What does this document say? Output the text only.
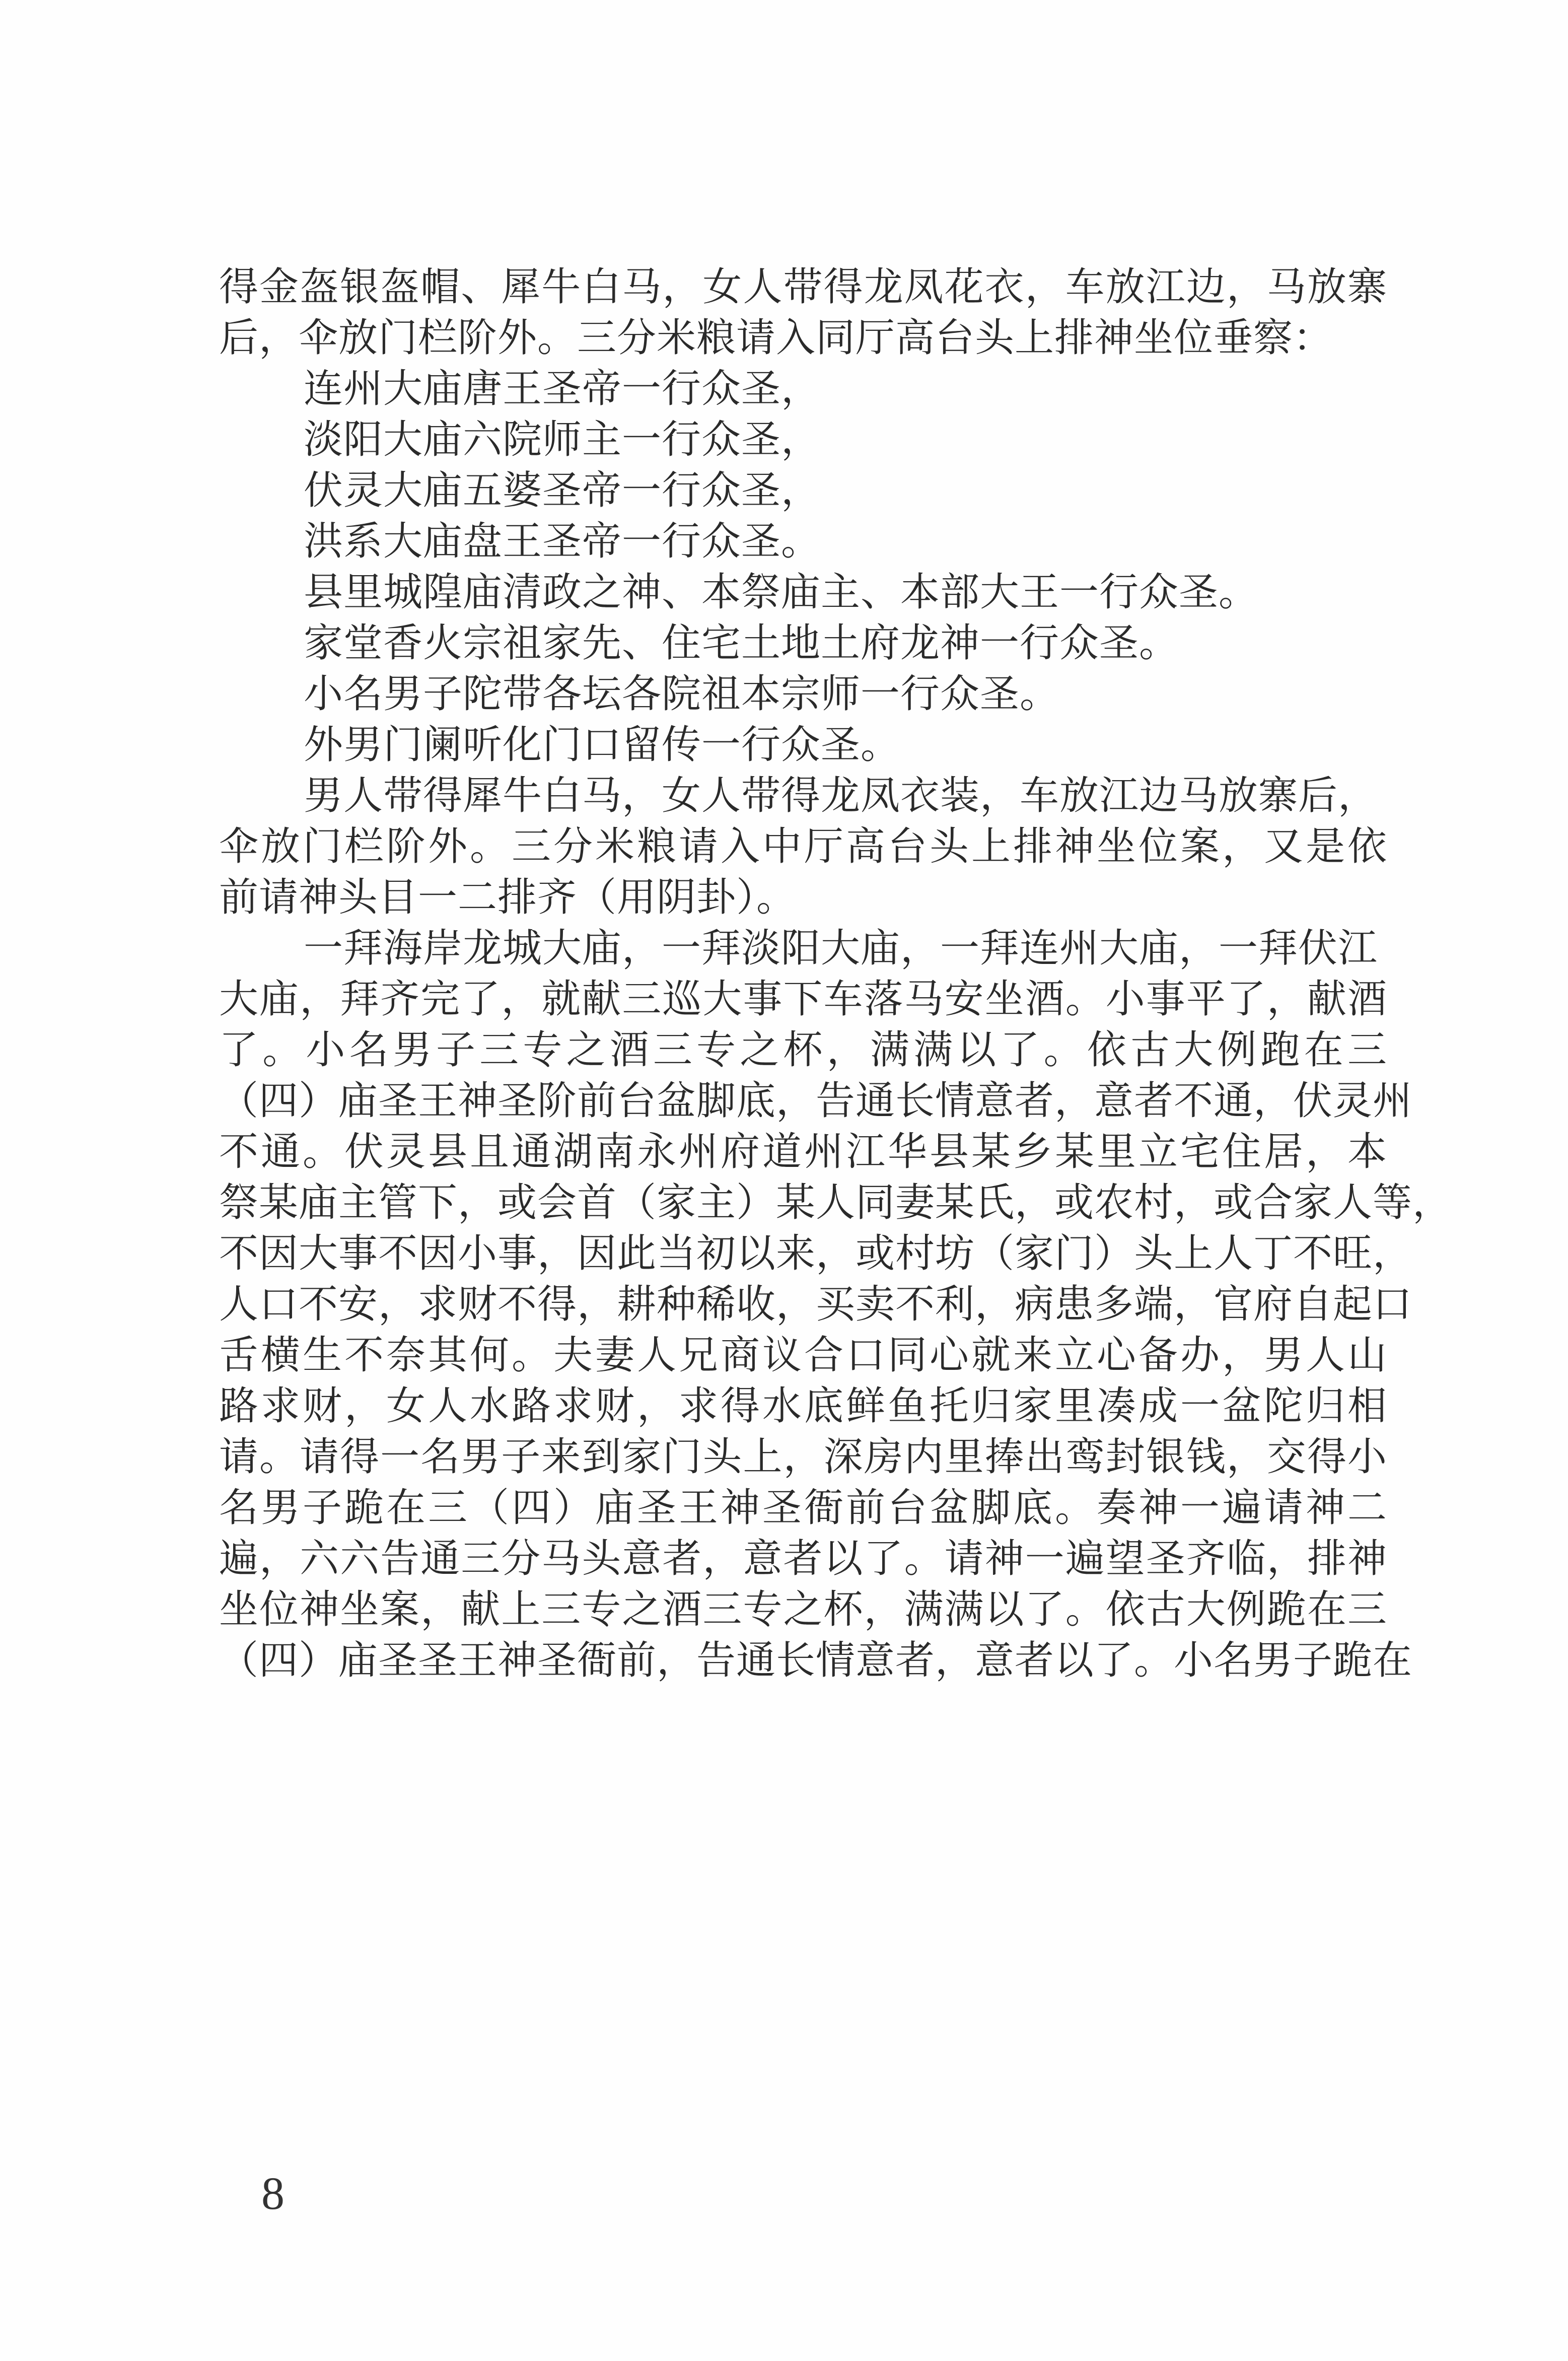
得金盔银盔帽、犀牛白马，女人带得龙凤花衣，车放江边，马放寨
后，伞放门栏阶外。三分米粮请入同厅高台头上排神坐位垂察：
连州大庙唐王圣帝一行众圣，
淡阳大庙六院师主一行众圣，
伏灵大庙五婆圣帝一行众圣，
洪系大庙盘王圣帝一行众圣。
县里城隍庙清政之神、本祭庙主、本部大王一行众圣。
家堂香火宗祖家先、住宅土地土府龙神一行众圣。
小名男子陀带各坛各院祖本宗师一行众圣。
外男门阑听化门口留传一行众圣。
男人带得犀牛白马，女人带得龙凤衣装，车放江边马放寨后，
伞放门栏阶外。三分米粮请入中厅高台头上排神坐位案，又是依
前请神头目一二排齐（用阴卦）。
一拜海岸龙城大庙，一拜淡阳大庙，一拜连州大庙，一拜伏江
大庙，拜齐完了，就献三巡大事下车落马安坐酒。小事平了，献酒
了。小名男子三专之酒三专之杯，满满以了。依古大例跑在三
（四）庙圣王神圣阶前台盆脚底，告通长情意者，意者不通，伏灵州
不通。伏灵县且通湖南永州府道州江华县某乡某里立宅住居，本
祭某庙主管下，或会首（家主）某人同妻某氏，或农村，或合家人等，
不因大事不因小事，因此当初以来，或村坊（家门）头上人丁不旺，
人口不安，求财不得，耕种稀收，买卖不利，病患多端，官府自起口
舌横生不奈其何。夫妻人兄商议合口同心就来立心备办，男人山
路求财，女人水路求财，求得水底鲜鱼托归家里凑成一盆陀归相
请。请得一名男子来到家门头上，深房内里捧出鸾封银钱，交得小
名男子跪在三（四）庙圣王神圣衙前台盆脚底。奏神一遍请神二
遍，六六告通三分马头意者，意者以了。请神一遍望圣齐临，排神
坐位神坐案，献上三专之酒三专之杯，满满以了。依古大例跪在三
（四）庙圣圣王神圣衙前，告通长情意者，意者以了。小名男子跪在
8
